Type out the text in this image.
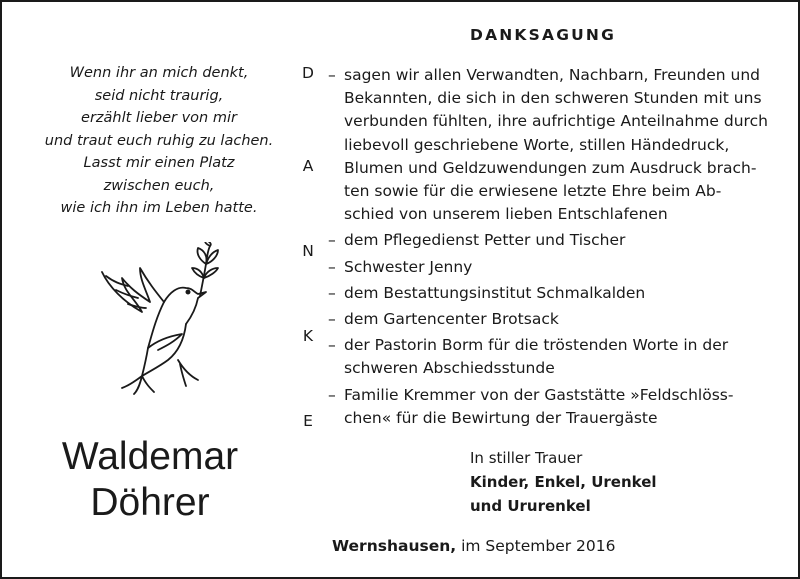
Wenn ihr an mich denkt,
seid nicht traurig,
erzählt lieber von mir
und traut euch ruhig zu lachen.
Lasst mir einen Platz
zwischen euch,
wie ich ihn im Leben hatte.
Waldemar
Döhrer
DANKSAGUNG
D
A
N
K
E
– sagen wir allen Verwandten, Nachbarn, Freunden und
Bekannten, die sich in den schweren Stunden mit uns
verbunden fühlten, ihre aufrichtige Anteilnahme durch
liebevoll geschriebene Worte, stillen Händedruck,
Blumen und Geldzuwendungen zum Ausdruck brach-
ten sowie für die erwiesene letzte Ehre beim Ab-
schied von unserem lieben Entschlafenen
– dem Pflegedienst Petter und Tischer
– Schwester Jenny
– dem Bestattungsinstitut Schmalkalden
– dem Gartencenter Brotsack
– der Pastorin Borm für die tröstenden Worte in der
schweren Abschiedsstunde
– Familie Kremmer von der Gaststätte »Feldschlöss-
chen« für die Bewirtung der Trauergäste
In stiller Trauer
Kinder, Enkel, Urenkel
und Ururenkel
Wernshausen, im September 2016
